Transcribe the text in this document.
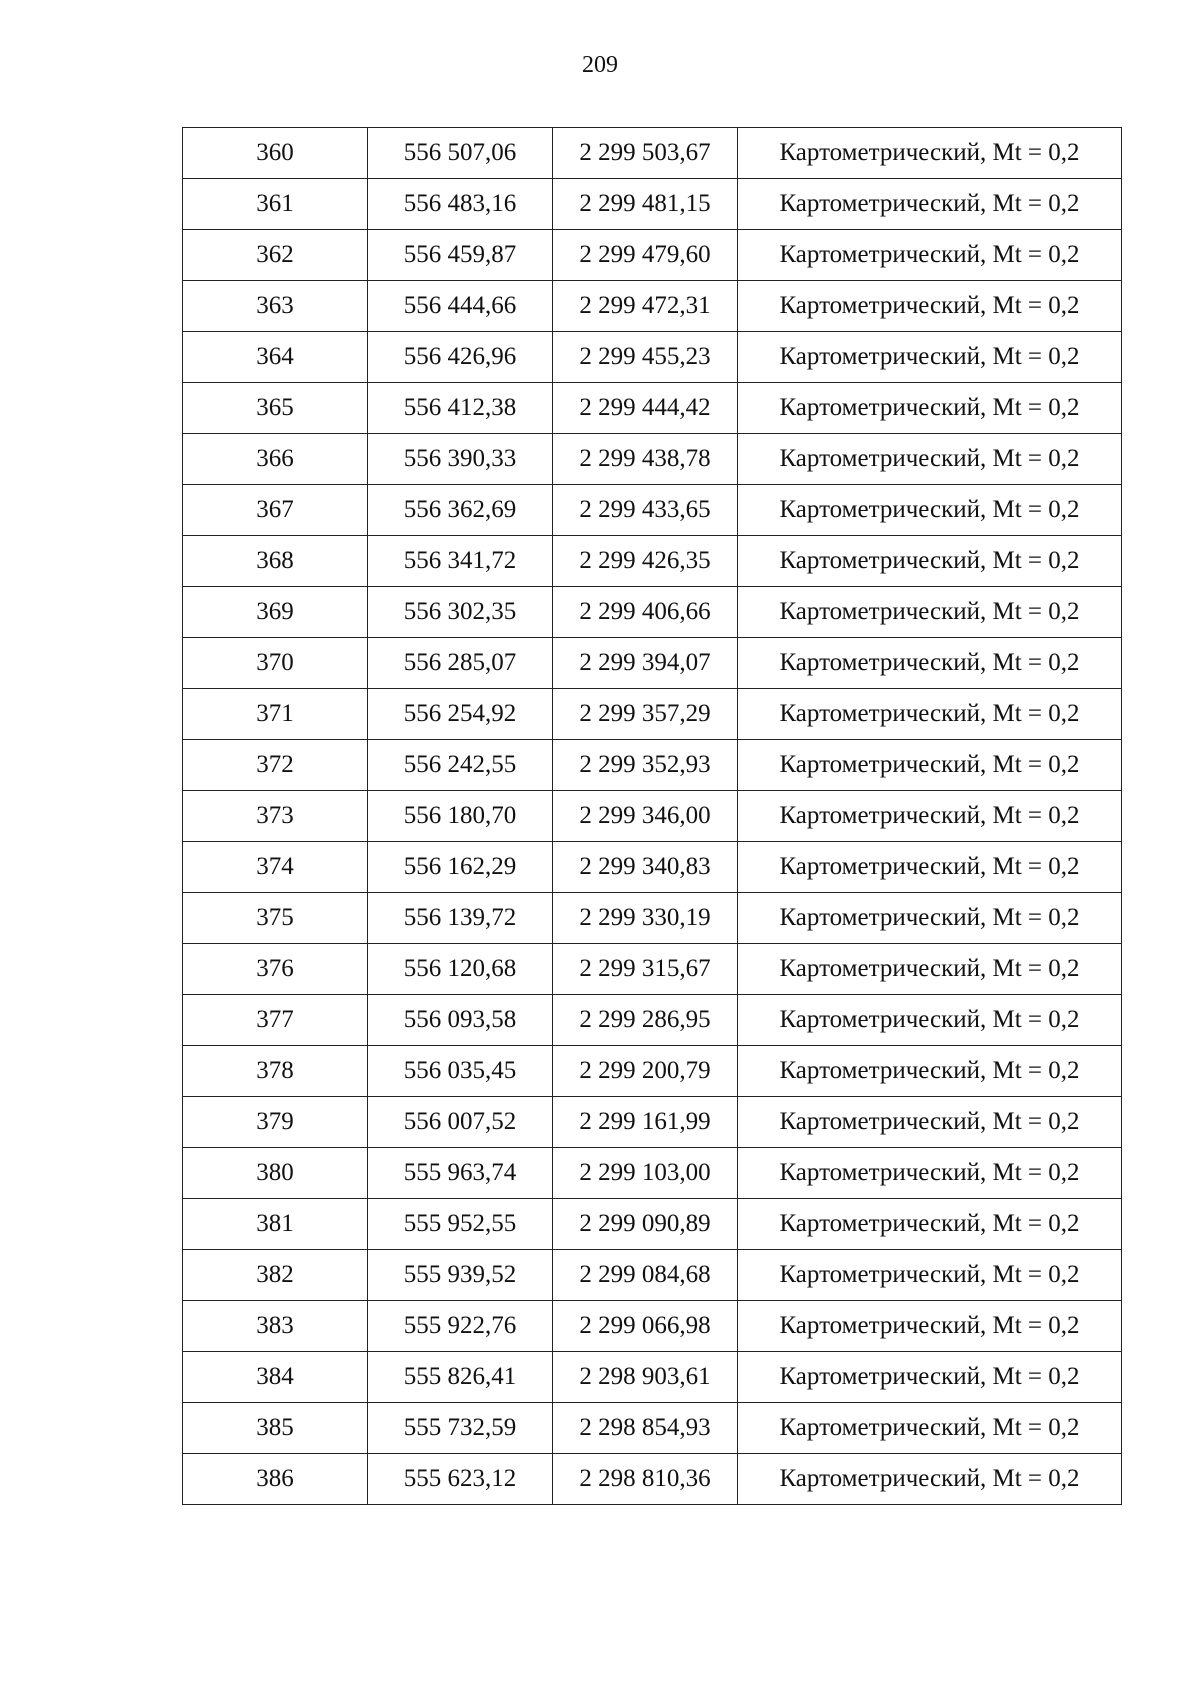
209
360	556 507,06	2 299 503,67	Картометрический, Mt = 0,2
361	556 483,16	2 299 481,15	Картометрический, Mt = 0,2
362	556 459,87	2 299 479,60	Картометрический, Mt = 0,2
363	556 444,66	2 299 472,31	Картометрический, Mt = 0,2
364	556 426,96	2 299 455,23	Картометрический, Mt = 0,2
365	556 412,38	2 299 444,42	Картометрический, Mt = 0,2
366	556 390,33	2 299 438,78	Картометрический, Mt = 0,2
367	556 362,69	2 299 433,65	Картометрический, Mt = 0,2
368	556 341,72	2 299 426,35	Картометрический, Mt = 0,2
369	556 302,35	2 299 406,66	Картометрический, Mt = 0,2
370	556 285,07	2 299 394,07	Картометрический, Mt = 0,2
371	556 254,92	2 299 357,29	Картометрический, Mt = 0,2
372	556 242,55	2 299 352,93	Картометрический, Mt = 0,2
373	556 180,70	2 299 346,00	Картометрический, Mt = 0,2
374	556 162,29	2 299 340,83	Картометрический, Mt = 0,2
375	556 139,72	2 299 330,19	Картометрический, Mt = 0,2
376	556 120,68	2 299 315,67	Картометрический, Mt = 0,2
377	556 093,58	2 299 286,95	Картометрический, Mt = 0,2
378	556 035,45	2 299 200,79	Картометрический, Mt = 0,2
379	556 007,52	2 299 161,99	Картометрический, Mt = 0,2
380	555 963,74	2 299 103,00	Картометрический, Mt = 0,2
381	555 952,55	2 299 090,89	Картометрический, Mt = 0,2
382	555 939,52	2 299 084,68	Картометрический, Mt = 0,2
383	555 922,76	2 299 066,98	Картометрический, Mt = 0,2
384	555 826,41	2 298 903,61	Картометрический, Mt = 0,2
385	555 732,59	2 298 854,93	Картометрический, Mt = 0,2
386	555 623,12	2 298 810,36	Картометрический, Mt = 0,2
